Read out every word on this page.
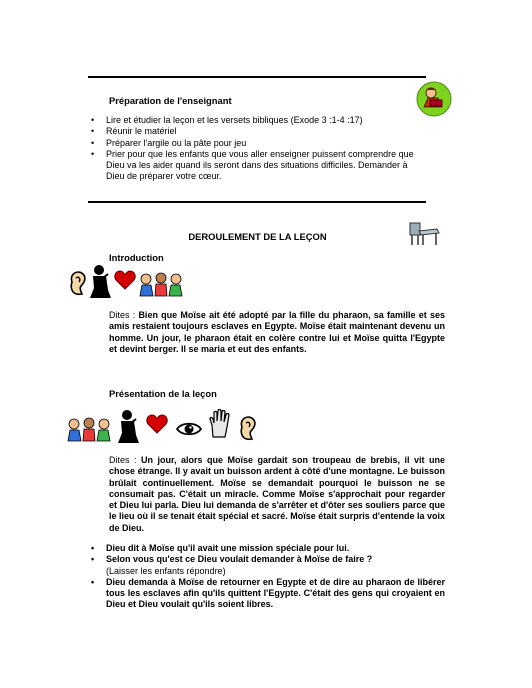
Préparation de l'enseignant
• Lire et étudier la leçon et les versets bibliques (Exode 3 :1-4 :17)
• Réunir le matériel
• Préparer l'argile ou la pâte pour jeu
• Prier pour que les enfants que vous aller enseigner puissent comprendre que Dieu va les aider quand ils seront dans des situations difficiles. Demander à Dieu de préparer votre cœur.
DEROULEMENT DE LA LEÇON
Introduction
Dites : Bien que Moïse ait été adopté par la fille du pharaon, sa famille et ses amis restaient toujours esclaves en Egypte. Moïse était maintenant devenu un homme. Un jour, le pharaon était en colère contre lui et Moïse quitta l'Egypte et devint berger. Il se maria et eut des enfants.
Présentation de la leçon
Dites : Un jour, alors que Moïse gardait son troupeau de brebis, il vit une chose étrange. Il y avait un buisson ardent à côté d'une montagne. Le buisson brûlait continuellement. Moïse se demandait pourquoi le buisson ne se consumait pas. C'était un miracle. Comme Moïse s'approchait pour regarder et Dieu lui parla. Dieu lui demanda de s'arrêter et d'ôter ses souliers parce que le lieu où il se tenait était spécial et sacré. Moïse était surpris d'entende la voix de Dieu.
• Dieu dit à Moïse qu'il avait une mission spéciale pour lui.
• Selon vous qu'est ce Dieu voulait demander à Moïse de faire ?
(Laisser les enfants répondre)
• Dieu demanda à Moïse de retourner en Egypte et de dire au pharaon de libérer tous les esclaves afin qu'ils quittent l'Egypte. C'était des gens qui croyaient en Dieu et Dieu voulait qu'ils soient libres.
